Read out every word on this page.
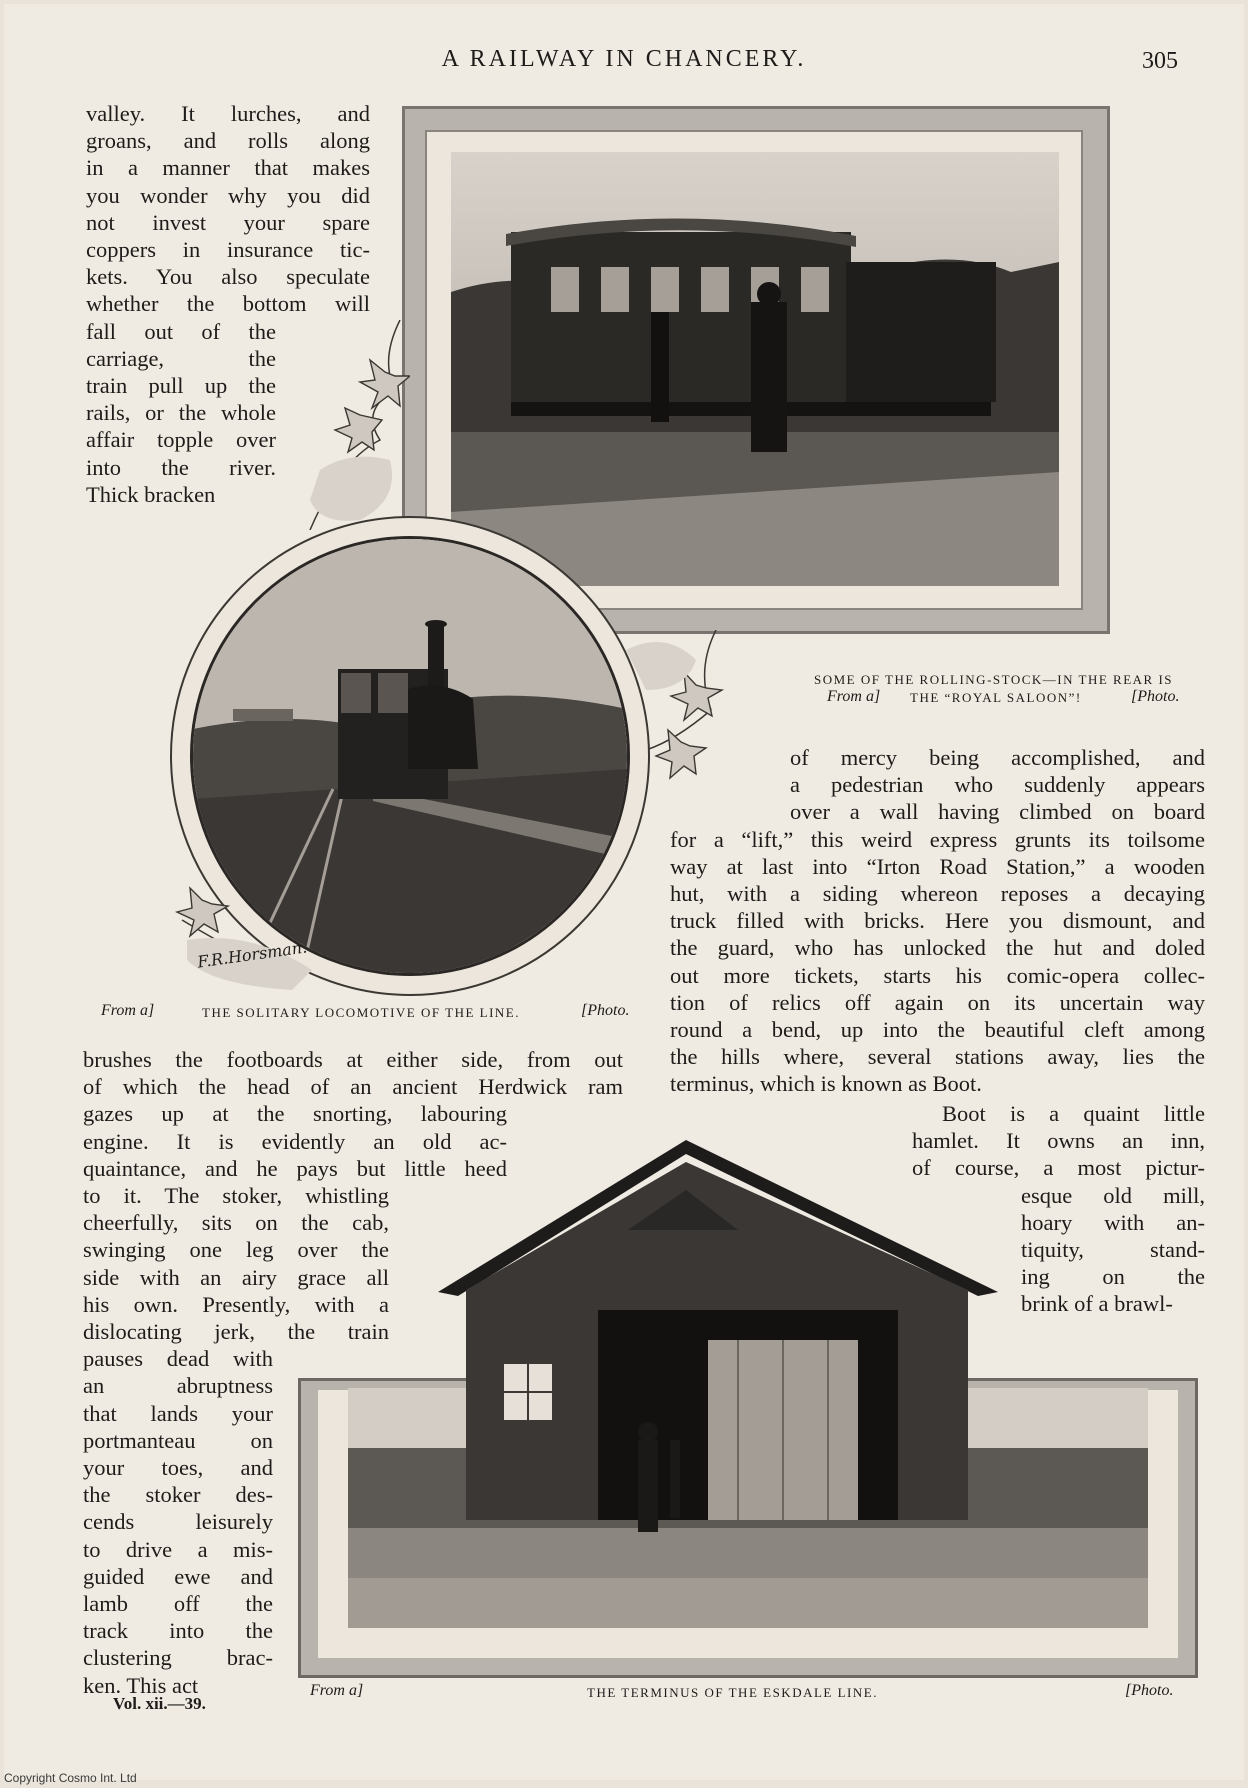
A RAILWAY IN CHANCERY.	305
valley. It lurches, and
groans, and rolls along
in a manner that makes
you wonder why you did
not invest your spare
coppers in insurance tic-
kets. You also speculate
whether the bottom will
fall out of the
carriage, the
train pull up the
rails, or the whole
affair topple over
into the river.
Thick bracken
SOME OF THE ROLLING-STOCK—IN THE REAR IS
From a] THE “ROYAL SALOON”!	[Photo.
F.R.Horsman.
From a]	THE SOLITARY LOCOMOTIVE OF THE LINE.	[Photo.
of mercy being accomplished, and
a pedestrian who suddenly appears
over a wall having climbed on board
for a “lift,” this weird express grunts its toilsome
way at last into “Irton Road Station,” a wooden
hut, with a siding whereon reposes a decaying
truck filled with bricks. Here you dismount, and
the guard, who has unlocked the hut and doled
out more tickets, starts his comic-opera collec-
tion of relics off again on its uncertain way
round a bend, up into the beautiful cleft among
the hills where, several stations away, lies the
terminus, which is known as Boot.
Boot is a quaint little
hamlet. It owns an inn,
of course, a most pictur-
esque old mill,
hoary with an-
tiquity, stand-
ing on the
brink of a brawl-
brushes the footboards at either side, from out
of which the head of an ancient Herdwick ram
gazes up at the snorting, labouring
engine. It is evidently an old ac-
quaintance, and he pays but little heed
to it. The stoker, whistling
cheerfully, sits on the cab,
swinging one leg over the
side with an airy grace all
his own. Presently, with a
dislocating jerk, the train
pauses dead with
an abruptness
that lands your
portmanteau on
your toes, and
the stoker des-
cends leisurely
to drive a mis-
guided ewe and
lamb off the
track into the
clustering brac-
ken. This act	From a]	THE TERMINUS OF THE ESKDALE LINE.	[Photo.
Vol. xii.—39.
Copyright Cosmo Int. Ltd
